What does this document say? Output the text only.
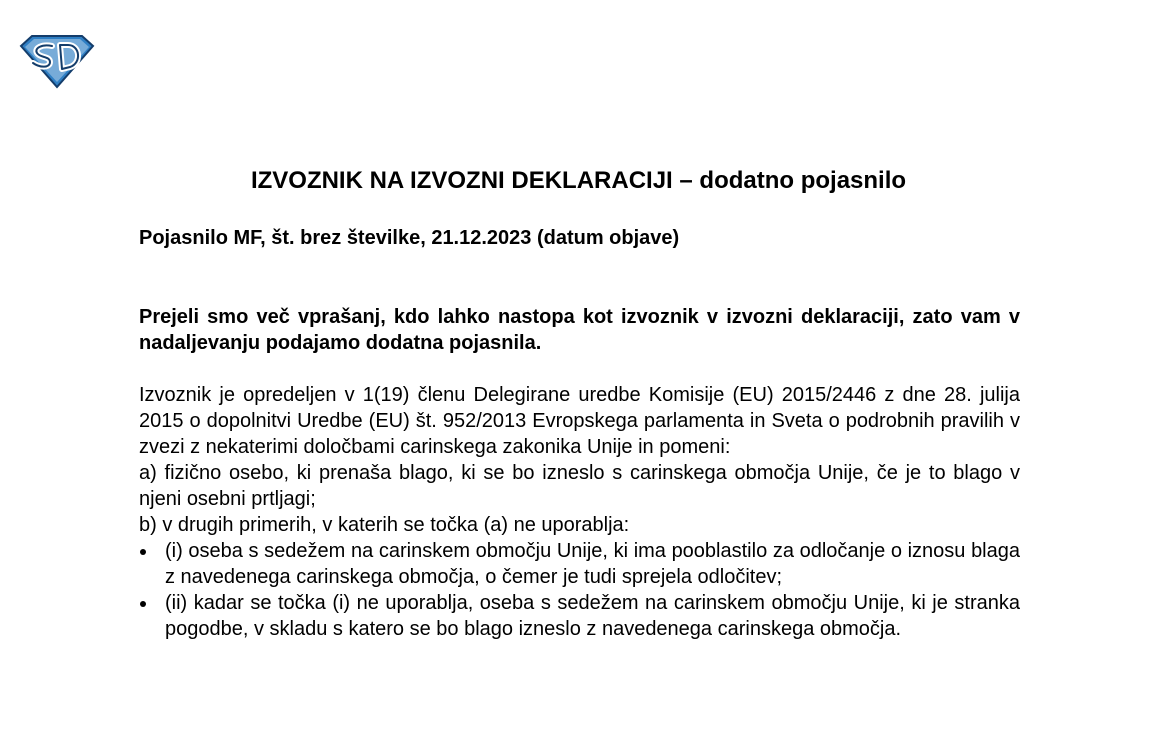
IZVOZNIK NA IZVOZNI DEKLARACIJI – dodatno pojasnilo
Pojasnilo MF, št. brez številke, 21.12.2023 (datum objave)

Prejeli smo več vprašanj, kdo lahko nastopa kot izvoznik v izvozni deklaraciji, zato vam v nadaljevanju podajamo dodatna pojasnila.

Izvoznik je opredeljen v 1(19) členu Delegirane uredbe Komisije (EU) 2015/2446 z dne 28. julija 2015 o dopolnitvi Uredbe (EU) št. 952/2013 Evropskega parlamenta in Sveta o podrobnih pravilih v zvezi z nekaterimi določbami carinskega zakonika Unije in pomeni:

a) fizično osebo, ki prenaša blago, ki se bo izneslo s carinskega območja Unije, če je to blago v njeni osebni prtljagi;

b) v drugih primerih, v katerih se točka (a) ne uporablja:

(i) oseba s sedežem na carinskem območju Unije, ki ima pooblastilo za odločanje o iznosu blaga z navedenega carinskega območja, o čemer je tudi sprejela odločitev;
(ii) kadar se točka (i) ne uporablja, oseba s sedežem na carinskem območju Unije, ki je stranka pogodbe, v skladu s katero se bo blago izneslo z navedenega carinskega območja.
